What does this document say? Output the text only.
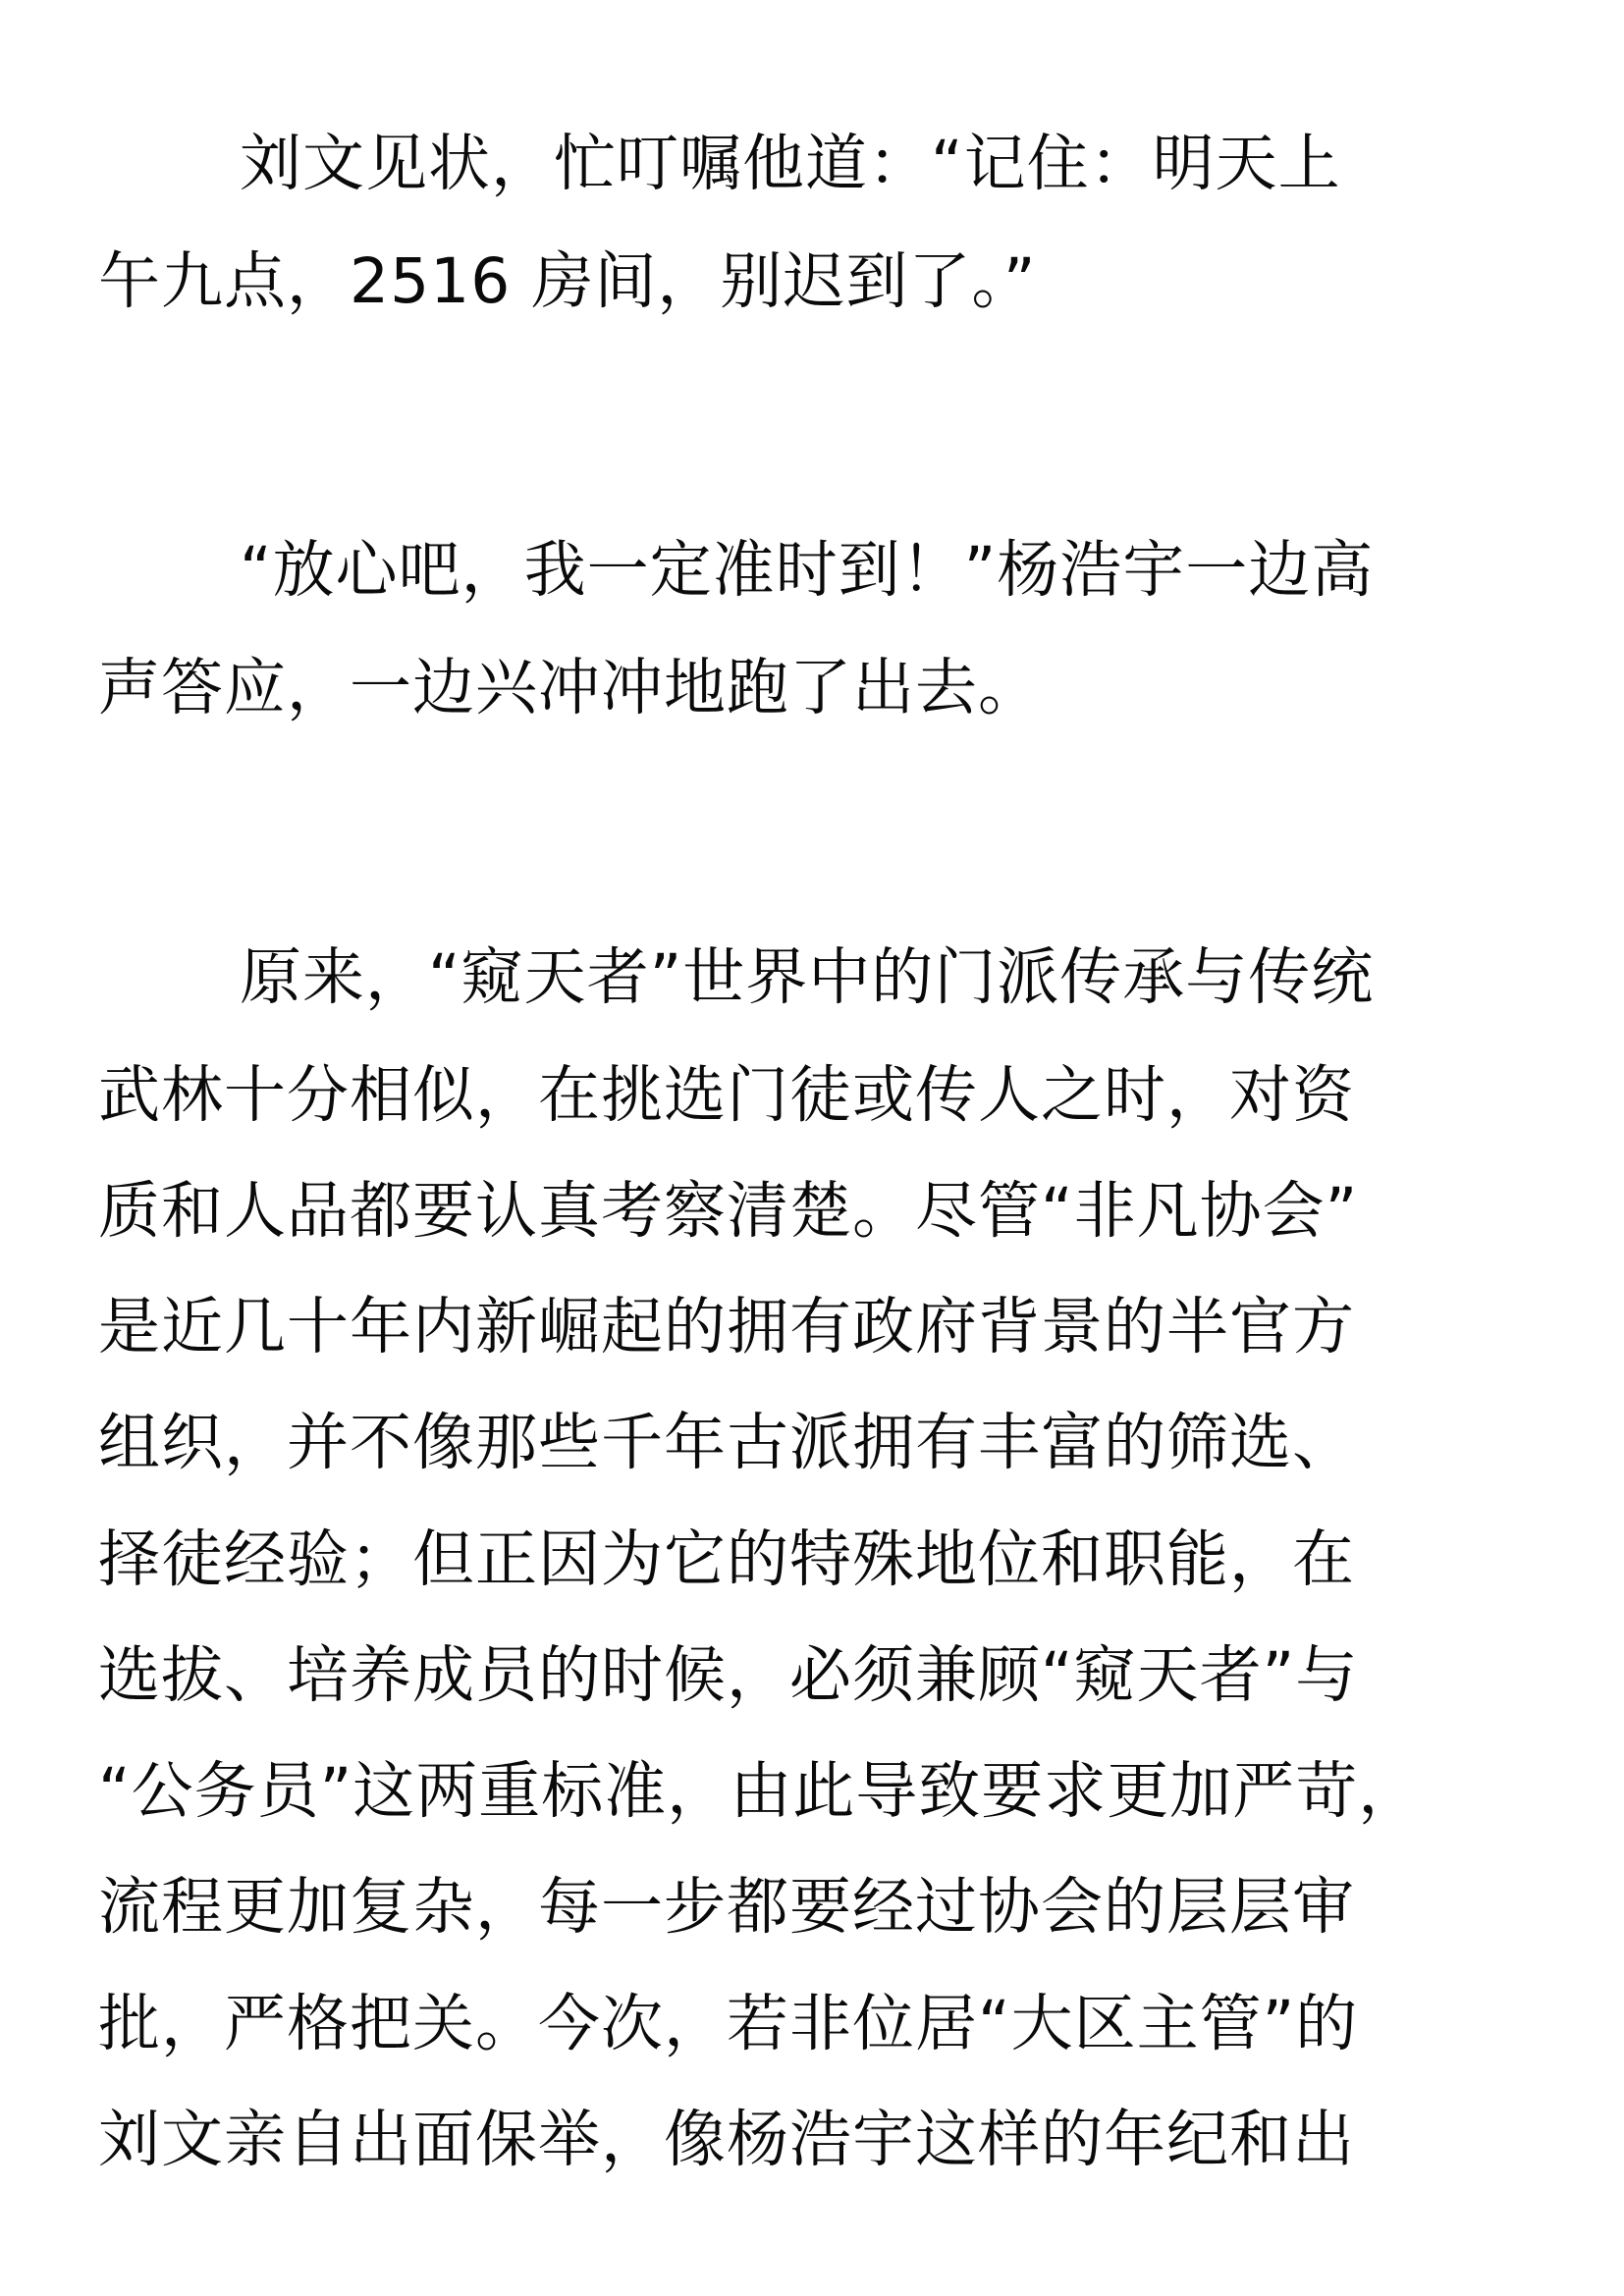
刘文见状，忙叮嘱他道：“记住：明天上
午九点，2516 房间，别迟到了。”
“放心吧，我一定准时到！”杨浩宇一边高
声答应，一边兴冲冲地跑了出去。
原来，“窥天者”世界中的门派传承与传统
武林十分相似，在挑选门徒或传人之时，对资
质和人品都要认真考察清楚。尽管“非凡协会”
是近几十年内新崛起的拥有政府背景的半官方
组织，并不像那些千年古派拥有丰富的筛选、
择徒经验；但正因为它的特殊地位和职能，在
选拔、培养成员的时候，必须兼顾“窥天者”与
“公务员”这两重标准，由此导致要求更加严苛，
流程更加复杂，每一步都要经过协会的层层审
批，严格把关。今次，若非位居“大区主管”的
刘文亲自出面保举，像杨浩宇这样的年纪和出
